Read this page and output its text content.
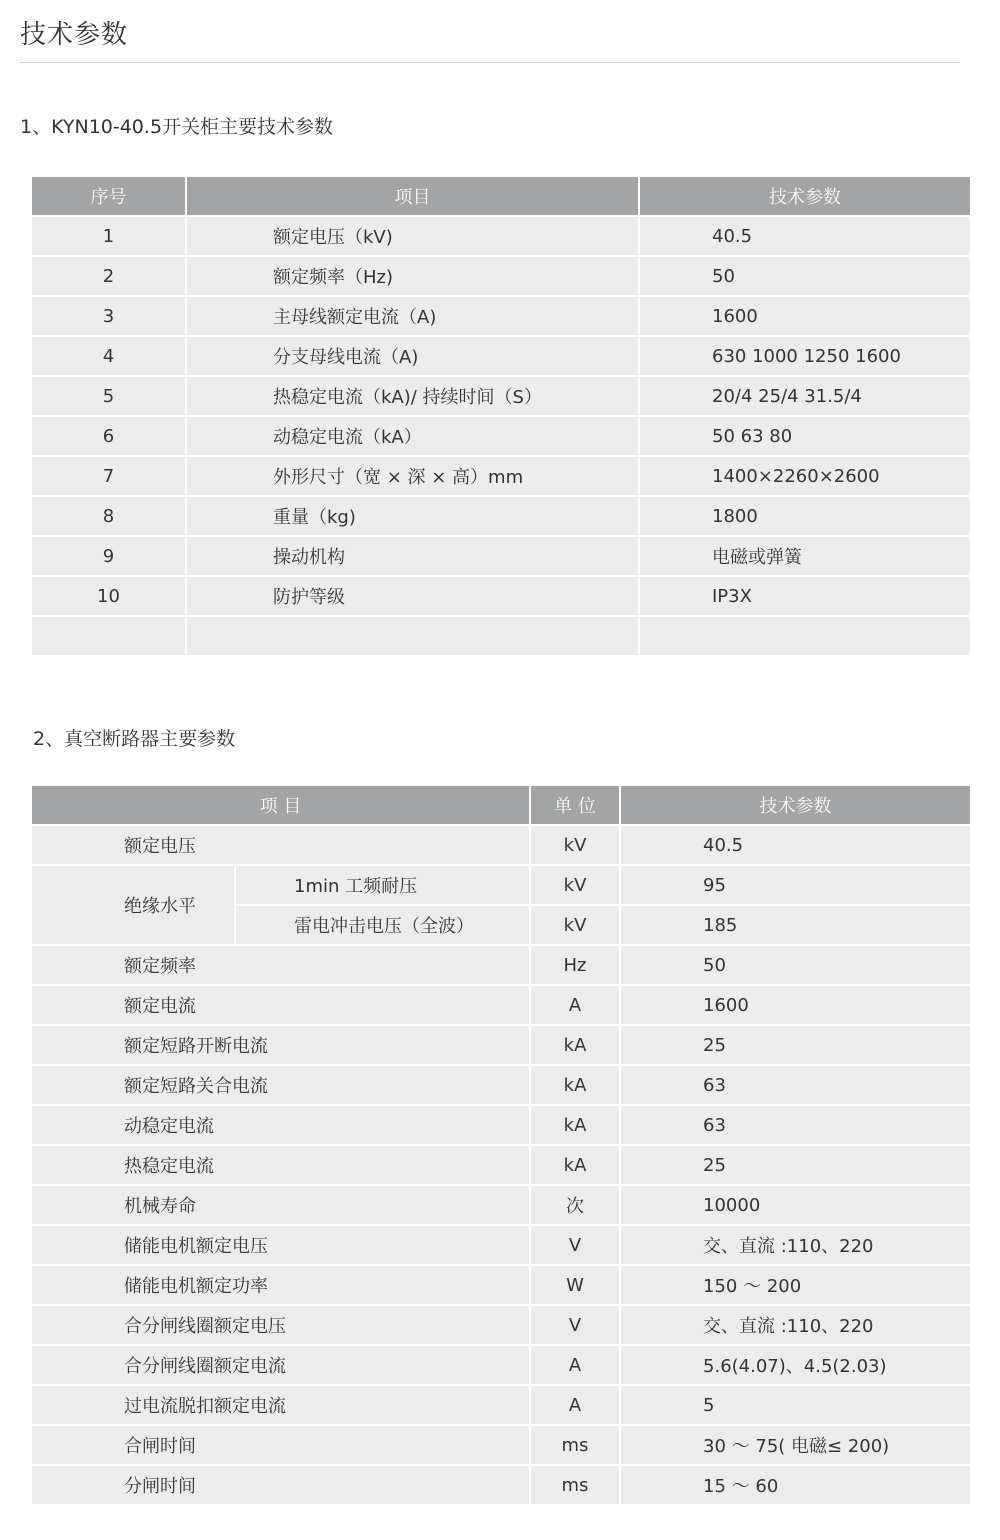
技术参数
1、KYN10-40.5开关柜主要技术参数
序号	项目	技术参数
1	额定电压（kV)	40.5
2	额定频率（Hz)	50
3	主母线额定电流（A)	1600
4	分支母线电流（A)	630 1000 1250 1600
5	热稳定电流（kA)/ 持续时间（S）	20/4 25/4 31.5/4
6	动稳定电流（kA）	50 63 80
7	外形尺寸（宽 × 深 × 高）mm	1400×2260×2600
8	重量（kg)	1800
9	操动机构	电磁或弹簧
10	防护等级	IP3X

2、真空断路器主要参数
项 目		单 位	技术参数
额定电压		kV	40.5
绝缘水平	1min 工频耐压	kV	95
	雷电冲击电压（全波）	kV	185
额定频率		Hz	50
额定电流		A	1600
额定短路开断电流		kA	25
额定短路关合电流		kA	63
动稳定电流		kA	63
热稳定电流		kA	25
机械寿命		次	10000
储能电机额定电压		V	交、直流 :110、220
储能电机额定功率		W	150 ～ 200
合分闸线圈额定电压		V	交、直流 :110、220
合分闸线圈额定电流		A	5.6(4.07)、4.5(2.03)
过电流脱扣额定电流		A	5
合闸时间		ms	30 ～ 75( 电磁≤ 200)
分闸时间		ms	15 ～ 60
